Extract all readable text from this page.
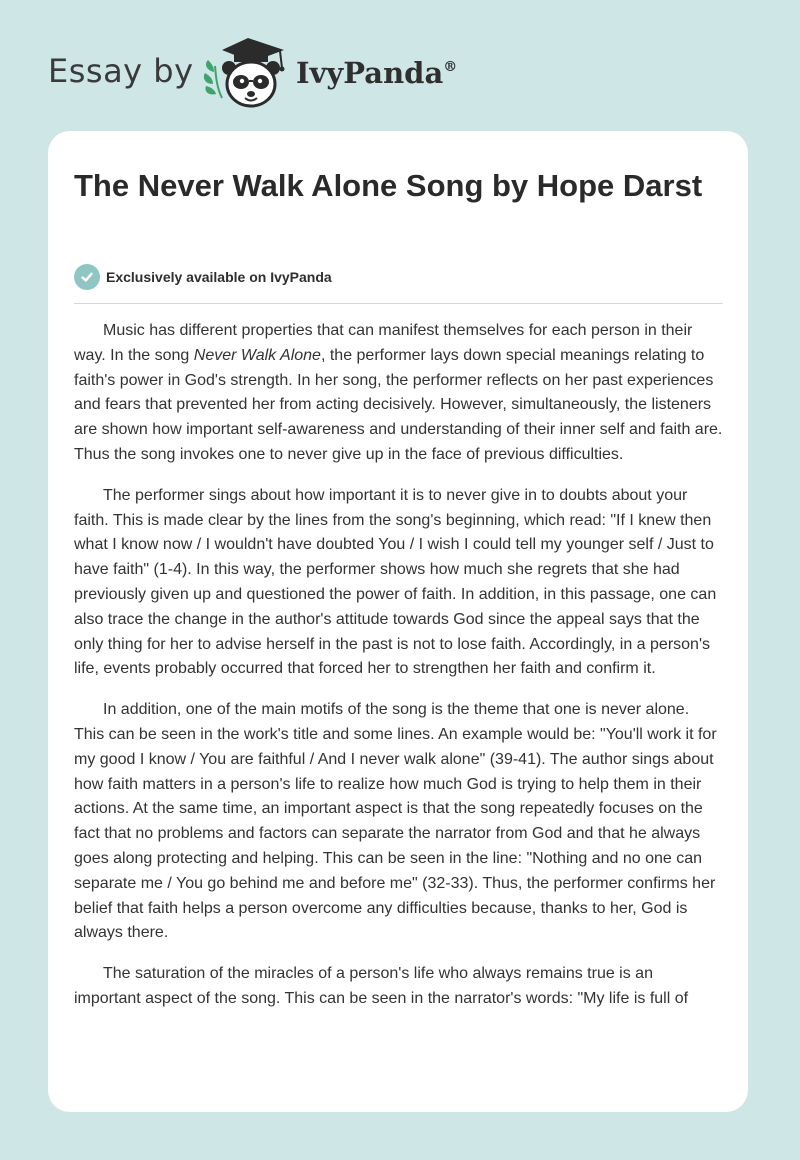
Essay by	IvyPanda®
The Never Walk Alone Song by Hope Darst
Exclusively available on IvyPanda

Music has different properties that can manifest themselves for each person in their way. In the song Never Walk Alone, the performer lays down special meanings relating to faith's power in God's strength. In her song, the performer reflects on her past experiences and fears that prevented her from acting decisively. However, simultaneously, the listeners are shown how important self-awareness and understanding of their inner self and faith are. Thus the song invokes one to never give up in the face of previous difficulties.

The performer sings about how important it is to never give in to doubts about your faith. This is made clear by the lines from the song's beginning, which read: "If I knew then what I know now / I wouldn't have doubted You / I wish I could tell my younger self / Just to have faith" (1-4). In this way, the performer shows how much she regrets that she had previously given up and questioned the power of faith. In addition, in this passage, one can also trace the change in the author's attitude towards God since the appeal says that the only thing for her to advise herself in the past is not to lose faith. Accordingly, in a person's life, events probably occurred that forced her to strengthen her faith and confirm it.

In addition, one of the main motifs of the song is the theme that one is never alone. This can be seen in the work's title and some lines. An example would be: "You'll work it for my good I know / You are faithful / And I never walk alone" (39-41). The author sings about how faith matters in a person's life to realize how much God is trying to help them in their actions. At the same time, an important aspect is that the song repeatedly focuses on the fact that no problems and factors can separate the narrator from God and that he always goes along protecting and helping. This can be seen in the line: "Nothing and no one can separate me / You go behind me and before me" (32-33). Thus, the performer confirms her belief that faith helps a person overcome any difficulties because, thanks to her, God is always there.

The saturation of the miracles of a person's life who always remains true is an important aspect of the song. This can be seen in the narrator's words: "My life is full of
